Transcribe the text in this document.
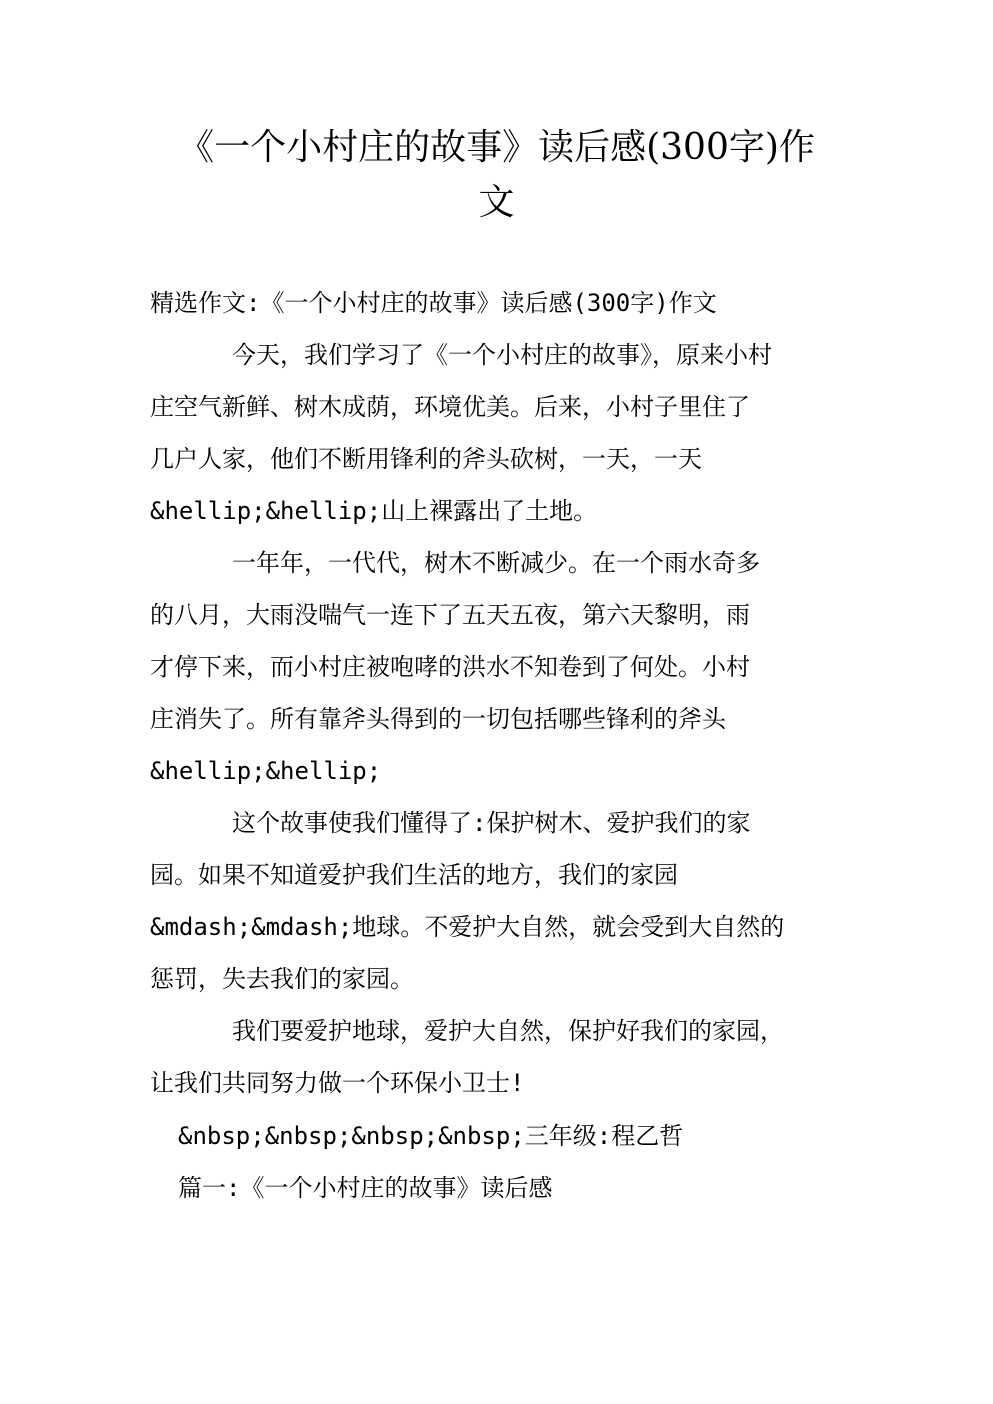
《一个小村庄的故事》读后感(300字)作
文

精选作文:《一个小村庄的故事》读后感(300字)作文

今天，我们学习了《一个小村庄的故事》，原来小村

庄空气新鲜、树木成荫，环境优美。后来，小村子里住了

几户人家，他们不断用锋利的斧头砍树，一天，一天

&hellip;&hellip;山上裸露出了土地。

一年年，一代代，树木不断减少。在一个雨水奇多

的八月，大雨没喘气一连下了五天五夜，第六天黎明，雨

才停下来，而小村庄被咆哮的洪水不知卷到了何处。小村

庄消失了。所有靠斧头得到的一切包括哪些锋利的斧头

&hellip;&hellip;

这个故事使我们懂得了:保护树木、爱护我们的家

园。如果不知道爱护我们生活的地方，我们的家园

&mdash;&mdash;地球。不爱护大自然，就会受到大自然的

惩罚，失去我们的家园。

我们要爱护地球，爱护大自然，保护好我们的家园，

让我们共同努力做一个环保小卫士!

&nbsp;&nbsp;&nbsp;&nbsp;三年级:程乙哲

篇一:《一个小村庄的故事》读后感
